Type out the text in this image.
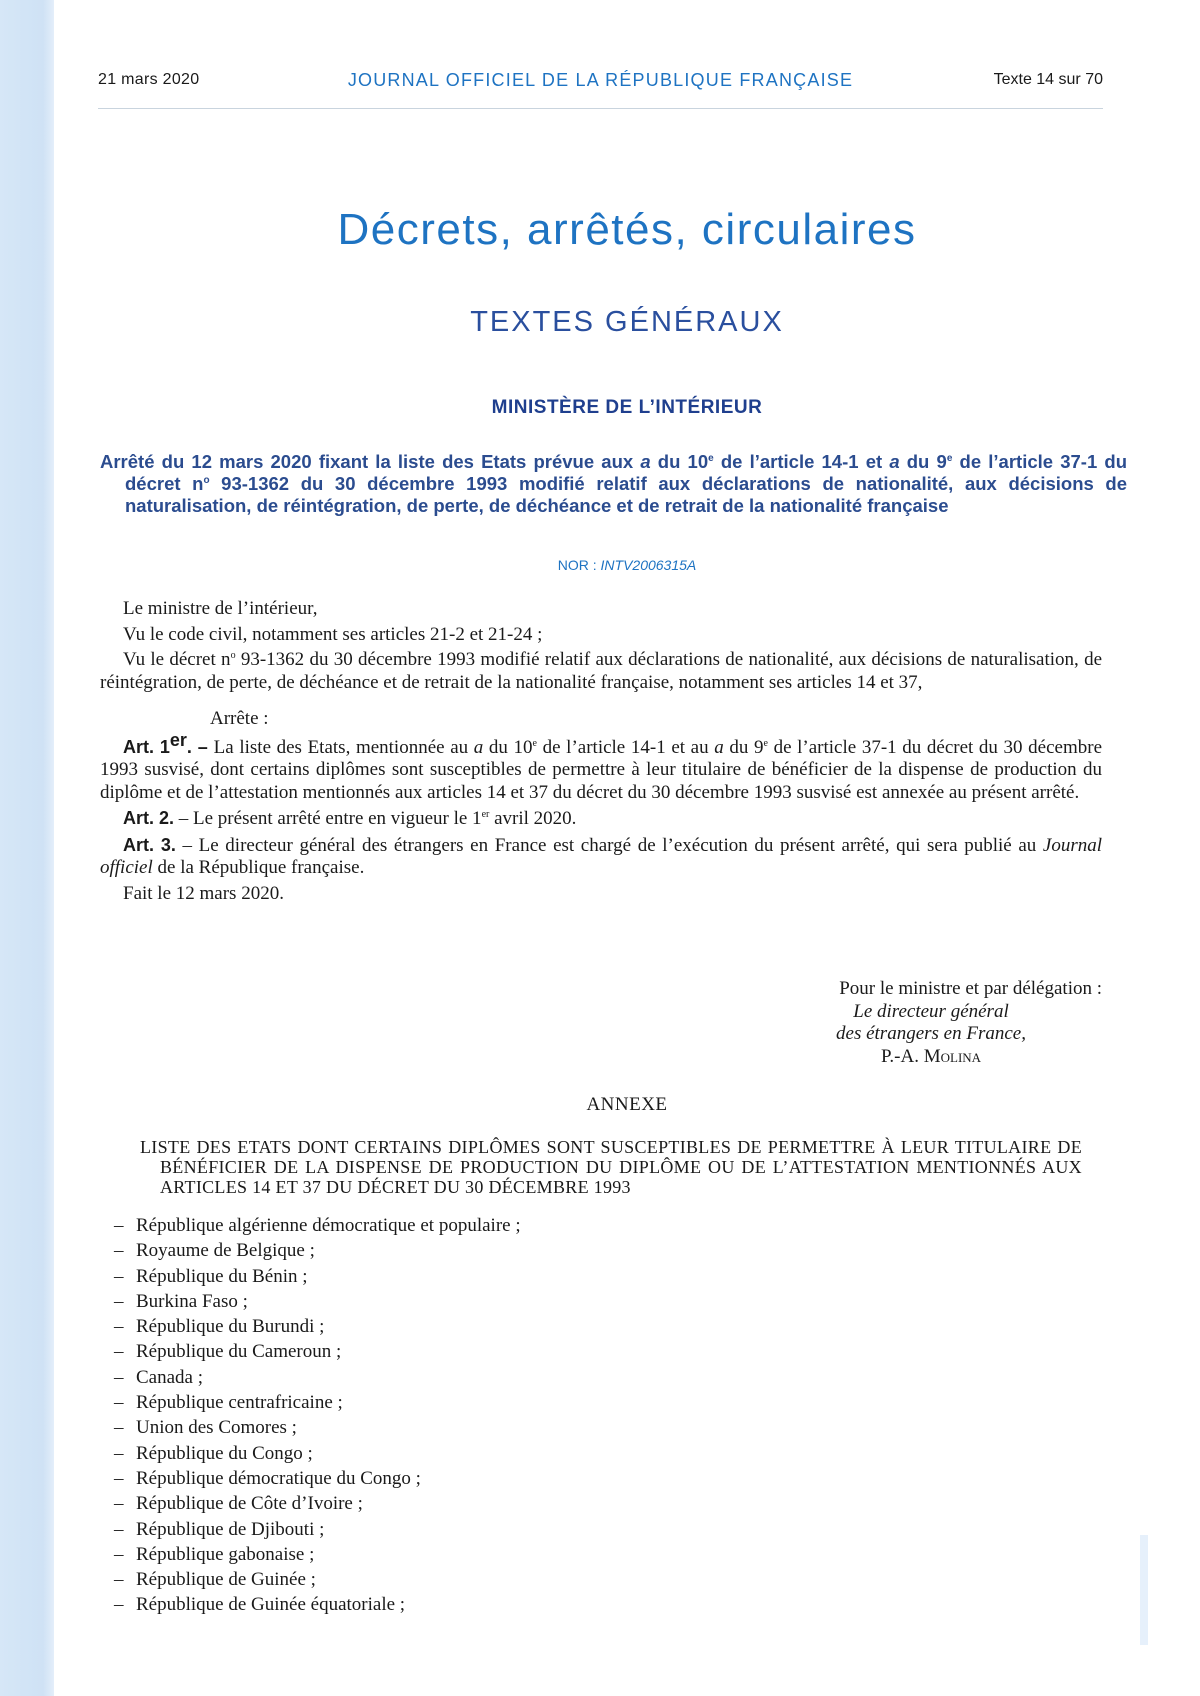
21 mars 2020	JOURNAL OFFICIEL DE LA RÉPUBLIQUE FRANÇAISE	Texte 14 sur 70
Décrets, arrêtés, circulaires
TEXTES GÉNÉRAUX
MINISTÈRE DE L’INTÉRIEUR
Arrêté du 12 mars 2020 fixant la liste des Etats prévue aux a du 10e de l’article 14-1 et a du 9e de l’article 37-1 du décret $n^o$ 93-1362 du 30 décembre 1993 modifié relatif aux déclarations de nationalité, aux décisions de naturalisation, de réintégration, de perte, de déchéance et de retrait de la nationalité française
NOR : INTV2006315A

Le ministre de l’intérieur,

Vu le code civil, notamment ses articles 21-2 et 21-24 ;

Vu le décret $n^o$ 93-1362 du 30 décembre 1993 modifié relatif aux déclarations de nationalité, aux décisions de naturalisation, de réintégration, de perte, de déchéance et de retrait de la nationalité française, notamment ses articles 14 et 37,

Arrête :

Art. 1er. – La liste des Etats, mentionnée au a du 10e de l’article 14-1 et au a du 9e de l’article 37-1 du décret du 30 décembre 1993 susvisé, dont certains diplômes sont susceptibles de permettre à leur titulaire de bénéficier de la dispense de production du diplôme et de l’attestation mentionnés aux articles 14 et 37 du décret du 30 décembre 1993 susvisé est annexée au présent arrêté.

Art. 2. – Le présent arrêté entre en vigueur le 1er avril 2020.

Art. 3. – Le directeur général des étrangers en France est chargé de l’exécution du présent arrêté, qui sera publié au Journal officiel de la République française.

Fait le 12 mars 2020.

Pour le ministre et par délégation :
Le directeur général
des étrangers en France,
P.-A. Molina
ANNEXE
LISTE DES ETATS DONT CERTAINS DIPLÔMES SONT SUSCEPTIBLES DE PERMETTRE À LEUR TITULAIRE DE BÉNÉFICIER DE LA DISPENSE DE PRODUCTION DU DIPLÔME OU DE L’ATTESTATION MENTIONNÉS AUX ARTICLES 14 ET 37 DU DÉCRET DU 30 DÉCEMBRE 1993
– République algérienne démocratique et populaire ;
– Royaume de Belgique ;
– République du Bénin ;
– Burkina Faso ;
– République du Burundi ;
– République du Cameroun ;
– Canada ;
– République centrafricaine ;
– Union des Comores ;
– République du Congo ;
– République démocratique du Congo ;
– République de Côte d’Ivoire ;
– République de Djibouti ;
– République gabonaise ;
– République de Guinée ;
– République de Guinée équatoriale ;
